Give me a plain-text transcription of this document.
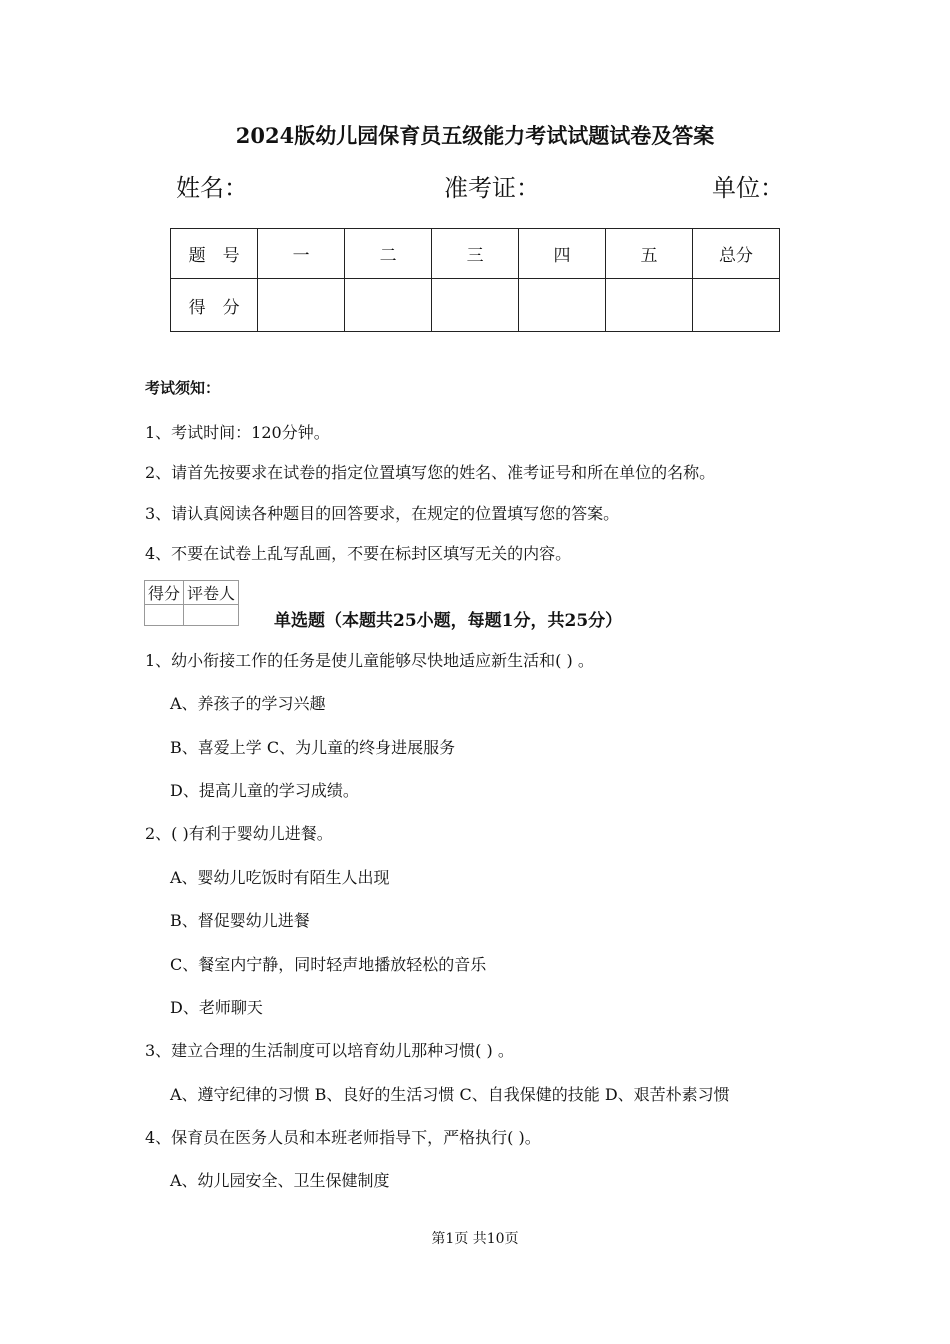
2024版幼儿园保育员五级能力考试试题试卷及答案
姓名：	准考证：	单位：
题　号	一	二	三	四	五	总分
得　分						
考试须知：
1、考试时间：120分钟。
2、请首先按要求在试卷的指定位置填写您的姓名、准考证号和所在单位的名称。
3、请认真阅读各种题目的回答要求，在规定的位置填写您的答案。
4、不要在试卷上乱写乱画，不要在标封区填写无关的内容。
得分	评卷人

单选题（本题共25小题，每题1分，共25分）
1、幼小衔接工作的任务是使儿童能够尽快地适应新生活和( ) 。
A、养孩子的学习兴趣
B、喜爱上学 C、为儿童的终身进展服务
D、提高儿童的学习成绩。
2、( )有利于婴幼儿进餐。
A、婴幼儿吃饭时有陌生人出现
B、督促婴幼儿进餐
C、餐室内宁静，同时轻声地播放轻松的音乐
D、老师聊天
3、建立合理的生活制度可以培育幼儿那种习惯( ) 。
A、遵守纪律的习惯 B、良好的生活习惯 C、自我保健的技能 D、艰苦朴素习惯
4、保育员在医务人员和本班老师指导下，严格执行( )。
A、幼儿园安全、卫生保健制度
第1页 共10页
